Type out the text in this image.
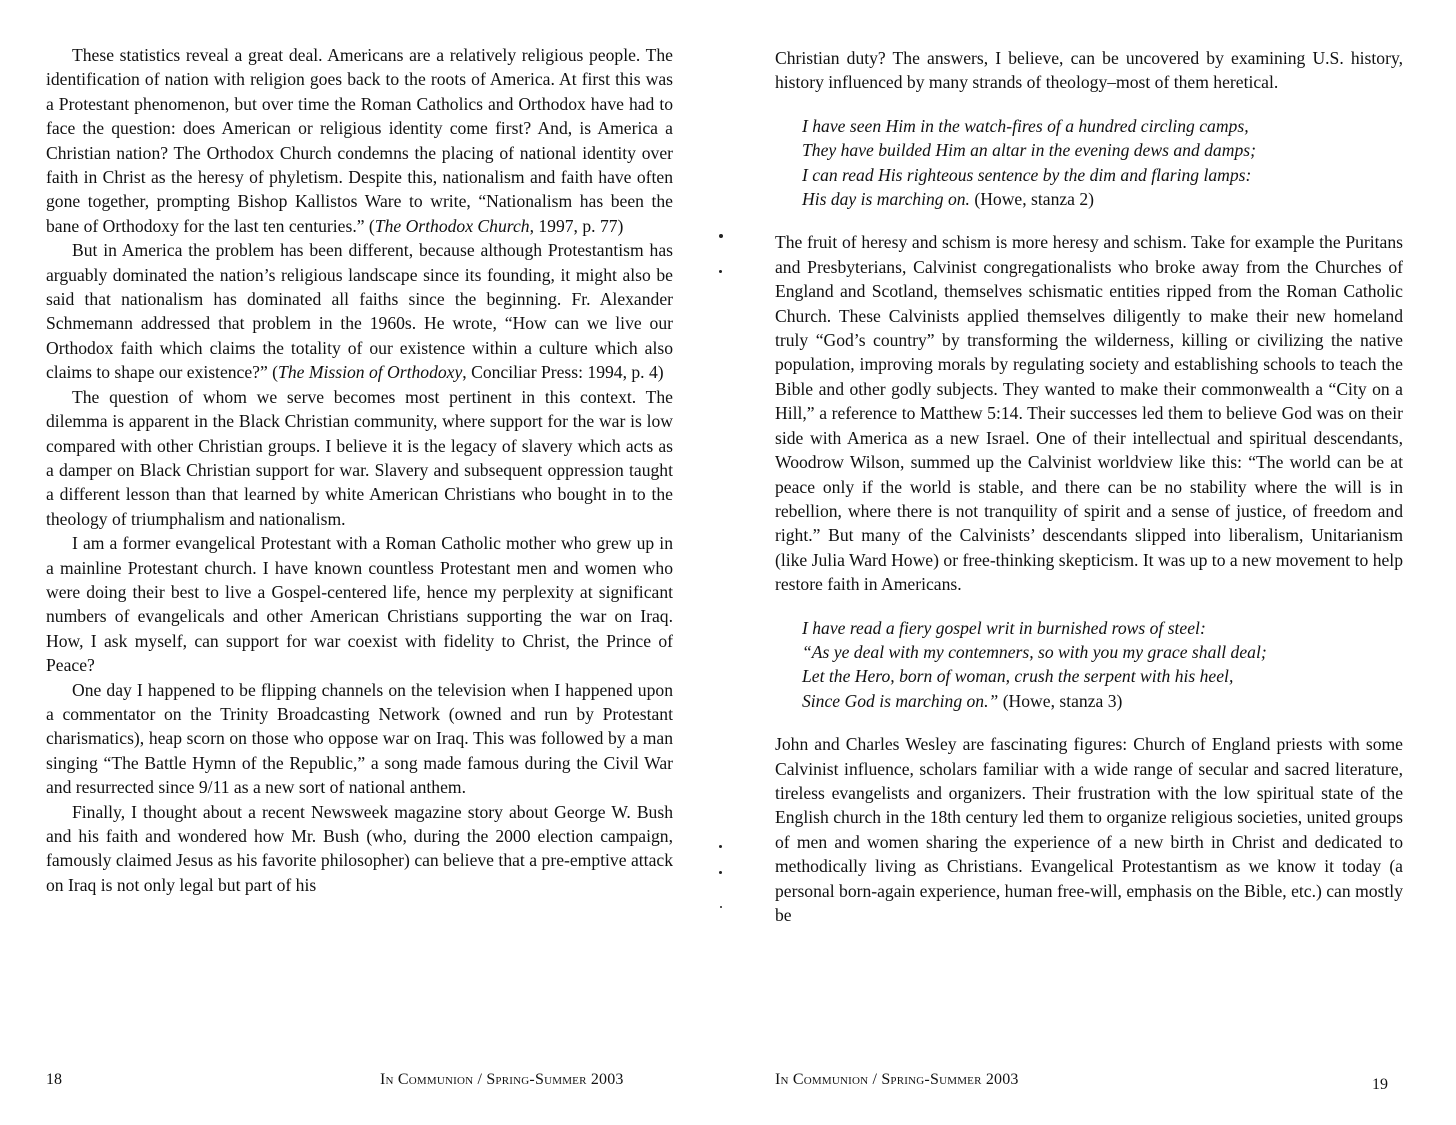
These statistics reveal a great deal. Americans are a relatively religious people. The identification of nation with religion goes back to the roots of America. At first this was a Protestant phenomenon, but over time the Roman Catholics and Orthodox have had to face the question: does American or religious identity come first? And, is America a Christian nation? The Orthodox Church condemns the placing of national identity over faith in Christ as the heresy of phyletism. Despite this, nationalism and faith have often gone together, prompting Bishop Kallistos Ware to write, “Nationalism has been the bane of Orthodoxy for the last ten centuries.” (The Orthodox Church, 1997, p. 77)

But in America the problem has been different, because although Protestantism has arguably dominated the nation’s religious landscape since its founding, it might also be said that nationalism has dominated all faiths since the beginning. Fr. Alexander Schmemann addressed that problem in the 1960s. He wrote, “How can we live our Orthodox faith which claims the totality of our existence within a culture which also claims to shape our existence?” (The Mission of Orthodoxy, Conciliar Press: 1994, p. 4)

The question of whom we serve becomes most pertinent in this context. The dilemma is apparent in the Black Christian community, where support for the war is low compared with other Christian groups. I believe it is the legacy of slavery which acts as a damper on Black Christian support for war. Slavery and subsequent oppression taught a different lesson than that learned by white American Christians who bought in to the theology of triumphalism and nationalism.

I am a former evangelical Protestant with a Roman Catholic mother who grew up in a mainline Protestant church. I have known countless Protestant men and women who were doing their best to live a Gospel-centered life, hence my perplexity at significant numbers of evangelicals and other American Christians supporting the war on Iraq. How, I ask myself, can support for war coexist with fidelity to Christ, the Prince of Peace?

One day I happened to be flipping channels on the television when I happened upon a commentator on the Trinity Broadcasting Network (owned and run by Protestant charismatics), heap scorn on those who oppose war on Iraq. This was followed by a man singing “The Battle Hymn of the Republic,” a song made famous during the Civil War and resurrected since 9/11 as a new sort of national anthem.

Finally, I thought about a recent Newsweek magazine story about George W. Bush and his faith and wondered how Mr. Bush (who, during the 2000 election campaign, famously claimed Jesus as his favorite philosopher) can believe that a pre-emptive attack on Iraq is not only legal but part of his

18	In Communion / Spring-Summer 2003

Christian duty? The answers, I believe, can be uncovered by examining U.S. history, history influenced by many strands of theology–most of them heretical.

I have seen Him in the watch-fires of a hundred circling camps,
They have builded Him an altar in the evening dews and damps;
I can read His righteous sentence by the dim and flaring lamps:
His day is marching on. (Howe, stanza 2)

The fruit of heresy and schism is more heresy and schism. Take for example the Puritans and Presbyterians, Calvinist congregationalists who broke away from the Churches of England and Scotland, themselves schismatic entities ripped from the Roman Catholic Church. These Calvinists applied themselves diligently to make their new homeland truly “God’s country” by transforming the wilderness, killing or civilizing the native population, improving morals by regulating society and establishing schools to teach the Bible and other godly subjects. They wanted to make their commonwealth a “City on a Hill,” a reference to Matthew 5:14. Their successes led them to believe God was on their side with America as a new Israel. One of their intellectual and spiritual descendants, Woodrow Wilson, summed up the Calvinist worldview like this: “The world can be at peace only if the world is stable, and there can be no stability where the will is in rebellion, where there is not tranquility of spirit and a sense of justice, of freedom and right.” But many of the Calvinists’ descendants slipped into liberalism, Unitarianism (like Julia Ward Howe) or free-thinking skepticism. It was up to a new movement to help restore faith in Americans.

I have read a fiery gospel writ in burnished rows of steel:
“As ye deal with my contemners, so with you my grace shall deal;
Let the Hero, born of woman, crush the serpent with his heel,
Since God is marching on.” (Howe, stanza 3)

John and Charles Wesley are fascinating figures: Church of England priests with some Calvinist influence, scholars familiar with a wide range of secular and sacred literature, tireless evangelists and organizers. Their frustration with the low spiritual state of the English church in the 18th century led them to organize religious societies, united groups of men and women sharing the experience of a new birth in Christ and dedicated to methodically living as Christians. Evangelical Protestantism as we know it today (a personal born-again experience, human free-will, emphasis on the Bible, etc.) can mostly be

In Communion / Spring-Summer 2003	19
